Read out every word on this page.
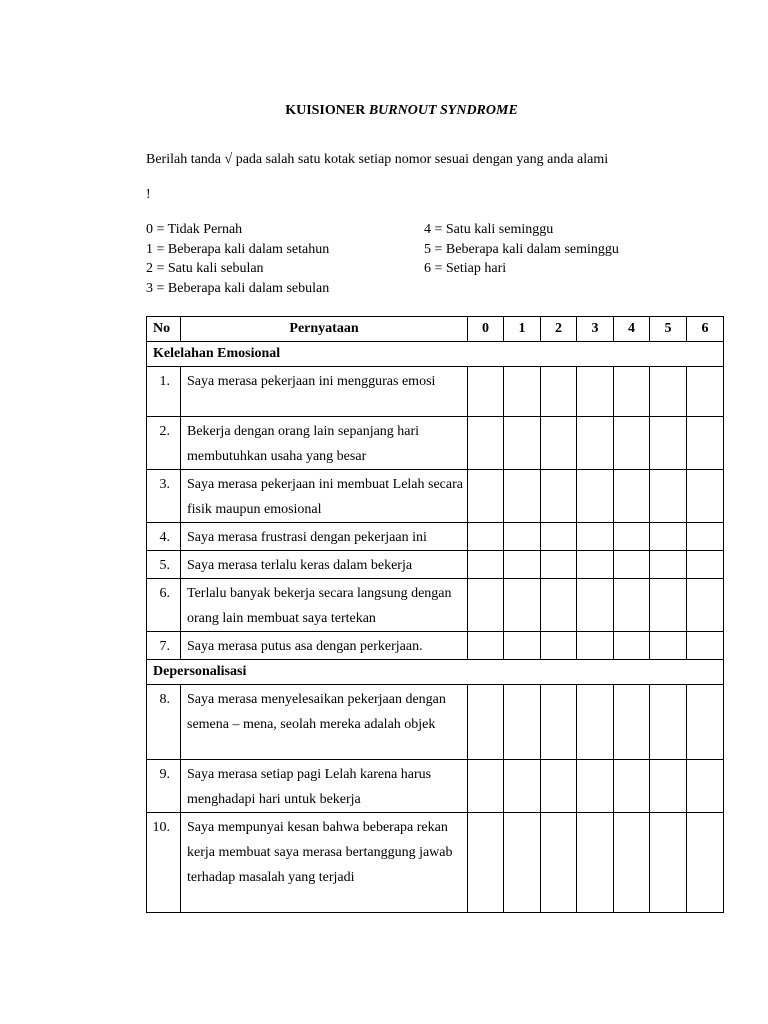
KUISIONER BURNOUT SYNDROME
Berilah tanda √ pada salah satu kotak setiap nomor sesuai dengan yang anda alami
!
0 = Tidak Pernah
1 = Beberapa kali dalam setahun
2 = Satu kali sebulan
3 = Beberapa kali dalam sebulan
4 = Satu kali seminggu
5 = Beberapa kali dalam seminggu
6 = Setiap hari
No	Pernyataan	0	1	2	3	4	5	6
Kelelahan Emosional								
1.	Saya merasa pekerjaan ini mengguras emosi							
2.	Bekerja dengan orang lain sepanjang hari membutuhkan usaha yang besar							
3.	Saya merasa pekerjaan ini membuat Lelah secara fisik maupun emosional							
4.	Saya merasa frustrasi dengan pekerjaan ini							
5.	Saya merasa terlalu keras dalam bekerja							
6.	Terlalu banyak bekerja secara langsung dengan orang lain membuat saya tertekan							
7.	Saya merasa putus asa dengan perkerjaan.							
Depersonalisasi								
8.	Saya merasa menyelesaikan pekerjaan dengan semena – mena, seolah mereka adalah objek							
9.	Saya merasa setiap pagi Lelah karena harus menghadapi hari untuk bekerja							
10.	Saya mempunyai kesan bahwa beberapa rekan kerja membuat saya merasa bertanggung jawab terhadap masalah yang terjadi							
